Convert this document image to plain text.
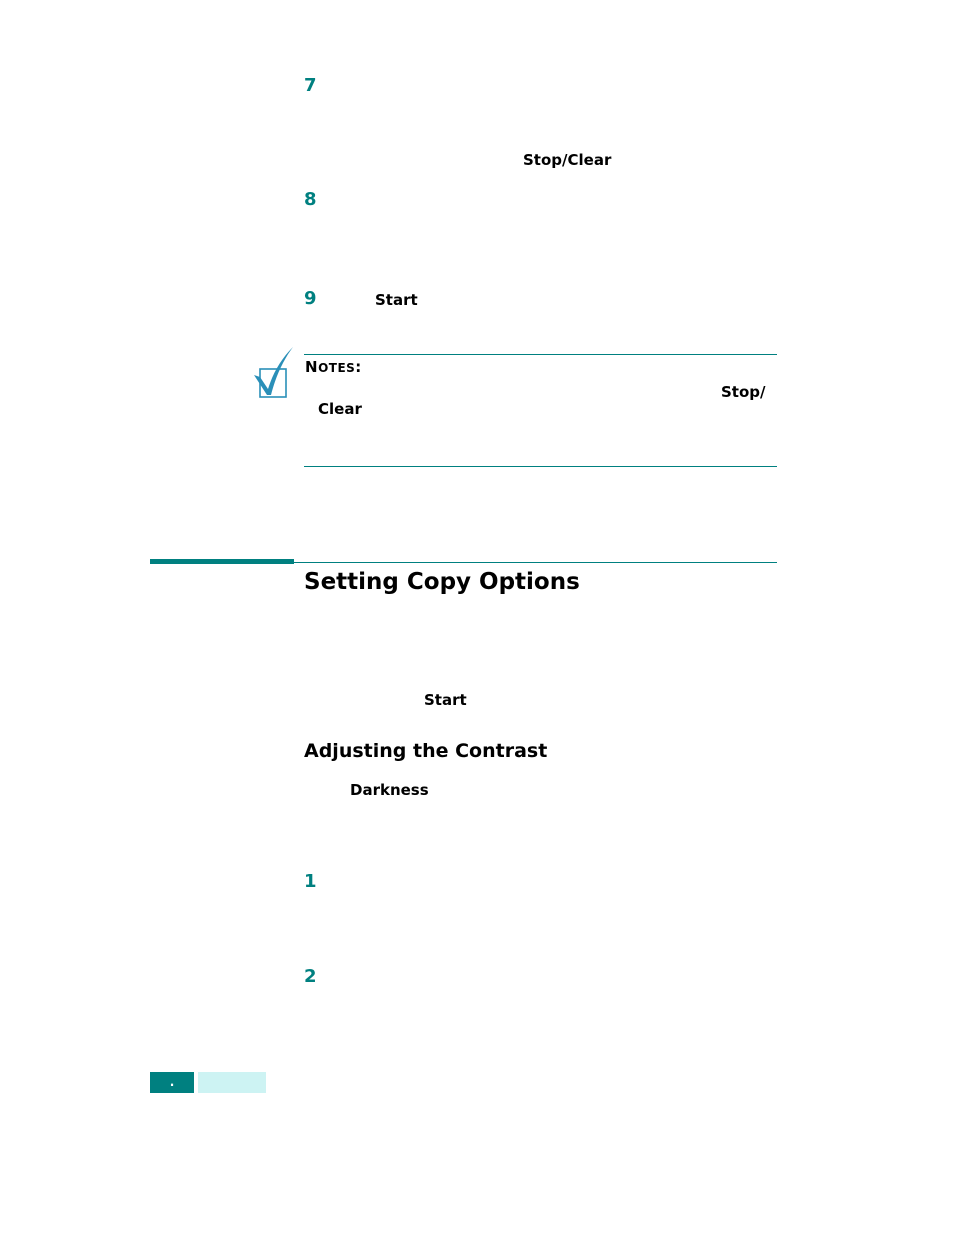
7
Stop/Clear
8
9	Start
NOTES:
Stop/
Clear
Setting Copy Options
Start
Adjusting the Contrast
Darkness
1
2
.
